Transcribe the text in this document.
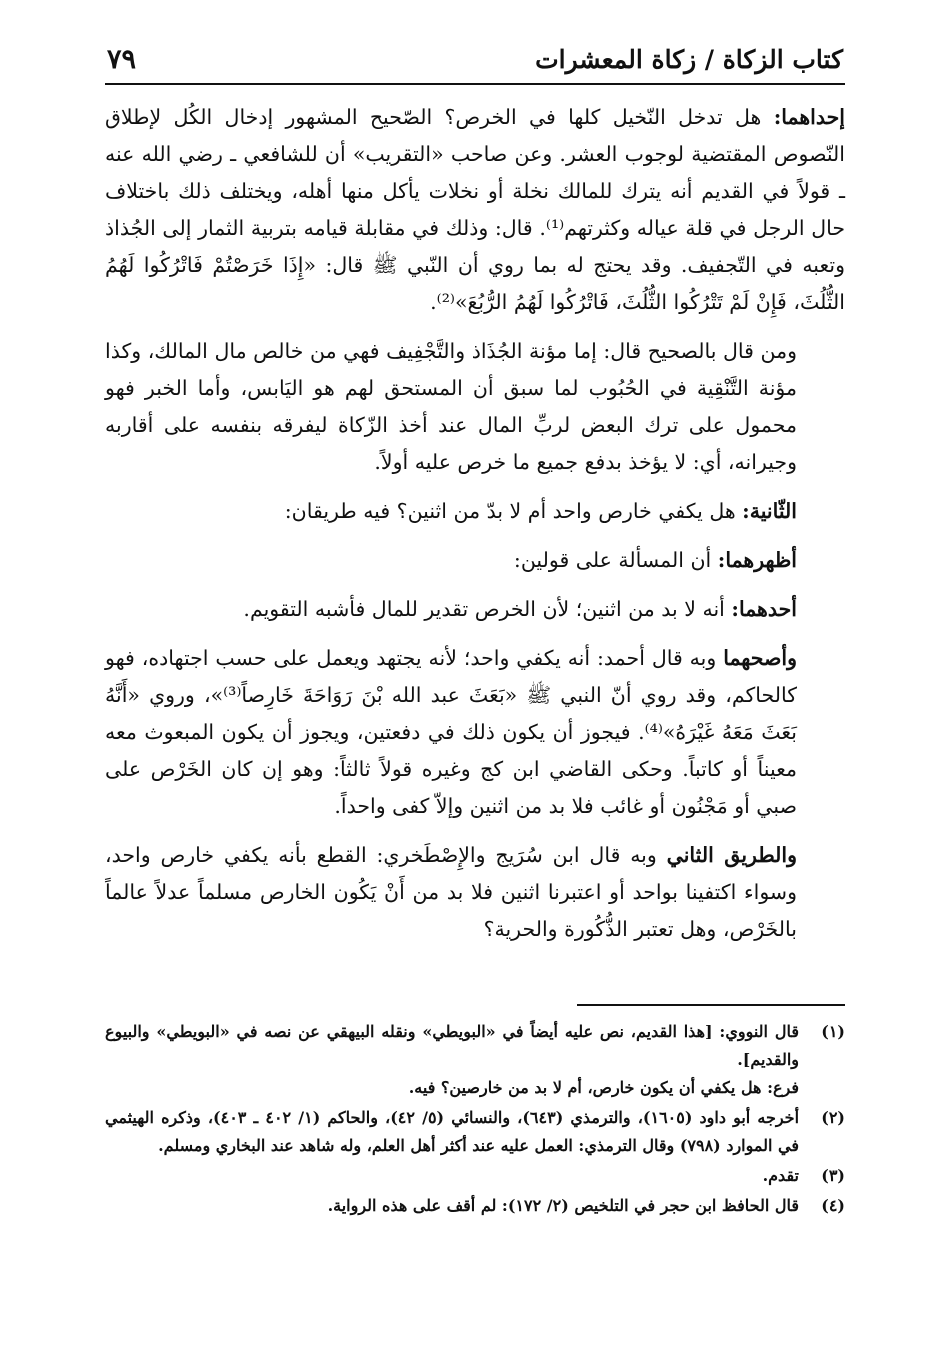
كتاب الزكاة / زكاة المعشرات
٧٩

إحداهما: هل تدخل النّخيل كلها في الخرص؟ الصّحيح المشهور إدخال الكُل لإطلاق النّصوص المقتضية لوجوب العشر. وعن صاحب «التقريب» أن للشافعي ـ رضي الله عنه ـ قولاً في القديم أنه يترك للمالك نخلة أو نخلات يأكل منها أهله، ويختلف ذلك باختلاف حال الرجل في قلة عياله وكثرتهم⁽¹⁾. قال: وذلك في مقابلة قيامه بتربية الثمار إلى الجُذاذ وتعبه في التّجفيف. وقد يحتج له بما روي أن النّبي ﷺ قال: «إِذَا خَرَصْتُمْ فَاتْرُكُوا لَهُمُ الثُّلُثَ، فَإِنْ لَمْ تَتْرُكُوا الثُّلُثَ، فَاتْرُكُوا لَهُمُ الرُّبُعَ»⁽²⁾.

ومن قال بالصحيح قال: إما مؤنة الجُذَاذ والتَّجْفِيف فهي من خالص مال المالك، وكذا مؤنة التَّنْقِية في الحُبُوب لما سبق أن المستحق لهم هو اليَابس، وأما الخبر فهو محمول على ترك البعض لربِّ المال عند أخذ الزّكاة ليفرقه بنفسه على أقاربه وجيرانه، أي: لا يؤخذ بدفع جميع ما خرص عليه أولاً.

الثّانية: هل يكفي خارص واحد أم لا بدّ من اثنين؟ فيه طريقان:

أظهرهما: أن المسألة على قولين:

أحدهما: أنه لا بد من اثنين؛ لأن الخرص تقدير للمال فأشبه التقويم.

وأصحهما وبه قال أحمد: أنه يكفي واحد؛ لأنه يجتهد ويعمل على حسب اجتهاده، فهو كالحاكم، وقد روي أنّ النبي ﷺ «بَعَثَ عبد الله بْنَ رَوَاحَةَ خَارِصاً⁽³⁾»، وروي «أَنَّهُ بَعَثَ مَعَهُ غَيْرَهُ»⁽⁴⁾. فيجوز أن يكون ذلك في دفعتين، ويجوز أن يكون المبعوث معه معيناً أو كاتباً. وحكى القاضي ابن كج وغيره قولاً ثالثاً: وهو إن كان الخَرْص على صبي أو مَجْنُون أو غائب فلا بد من اثنين وإلاّ كفى واحداً.

والطريق الثاني وبه قال ابن سُرَيج والإِصْطَخري: القطع بأنه يكفي خارص واحد، وسواء اكتفينا بواحد أو اعتبرنا اثنين فلا بد من أَنْ يَكُون الخارص مسلماً عدلاً عالماً بالخَرْص، وهل تعتبر الذُّكُورة والحرية؟

(١)
قال النووي: [هذا القديم، نص عليه أيضاً في «البويطي» ونقله البيهقي عن نصه في «البويطي» والبيوع والقديم].
فرع: هل يكفي أن يكون خارص، أم لا بد من خارصين؟ فيه.
(٢)
أخرجه أبو داود (١٦٠٥)، والترمذي (٦٤٣)، والنسائي (٥/ ٤٢)، والحاكم (١/ ٤٠٢ ـ ٤٠٣)، وذكره الهيثمي في الموارد (٧٩٨) وقال الترمذي: العمل عليه عند أكثر أهل العلم، وله شاهد عند البخاري ومسلم.
(٣)
تقدم.
(٤)
قال الحافظ ابن حجر في التلخيص (٢/ ١٧٢): لم أقف على هذه الرواية.
